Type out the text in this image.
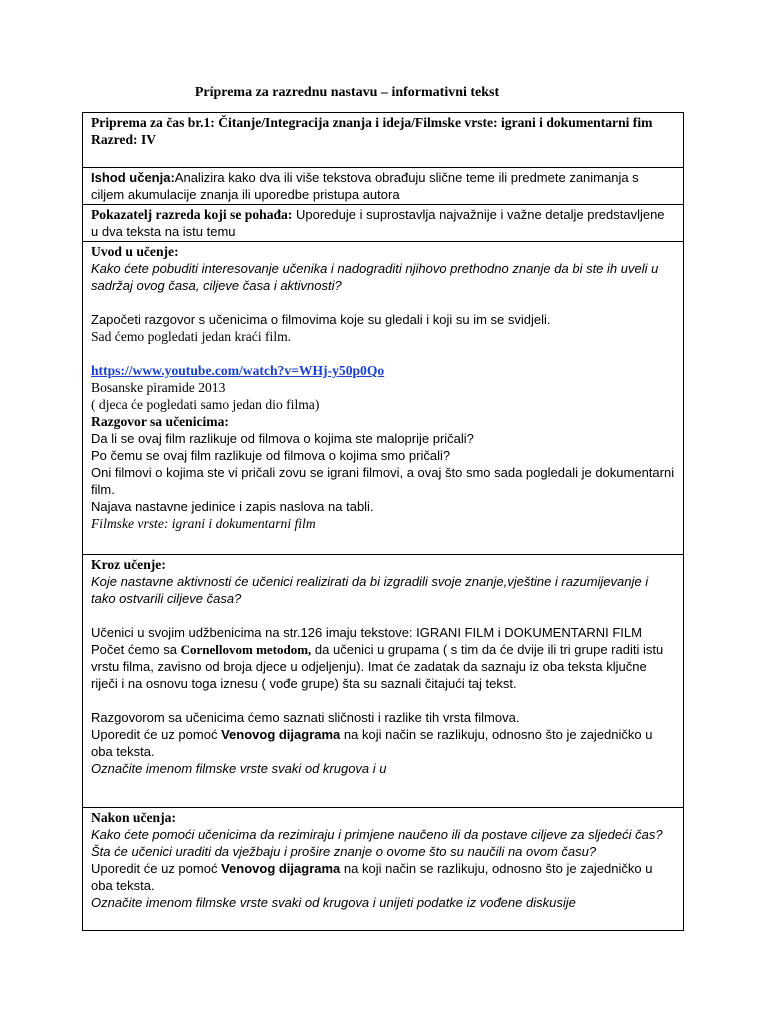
Príprema za razrednu nastavu – informativni tekst
Priprema za čas br.1: Čitanje/Integracija znanja i ideja/Filmske vrste: igrani i dokumentarni fim
Razred: IV

Ishod učenja:Analizira kako dva ili više tekstova obrađuju slične teme ili predmete zanimanja s ciljem akumulacije znanja ili uporedbe pristupa autora
Pokazatelj razreda koji se pohađa: Uporeduje i suprostavlja najvažnije i važne detalje predstavljene u dva teksta na istu temu

Uvod u učenje:
Kako ćete pobuditi interesovanje učenika i nadograditi njihovo prethodno znanje da bi ste ih uveli u sadržaj ovog časa, ciljeve časa i aktivnosti?
Započeti razgovor s učenicima o filmovima koje su gledali i koji su im se svidjeli.
Sad ćemo pogledati jedan kraći film.
https://www.youtube.com/watch?v=WHj-y50p0Qo
Bosanske piramide 2013
( djeca će pogledati samo jedan dio filma)
Razgovor sa učenicima:
Da li se ovaj film razlikuje od filmova o kojima ste maloprije pričali?
Po čemu se ovaj film razlikuje od filmova o kojima smo pričali?
Oni filmovi o kojima ste vi pričali zovu se igrani filmovi, a ovaj što smo sada pogledali je dokumentarni film.
Najava nastavne jedinice i zapis naslova na tabli.
Filmske vrste: igrani i dokumentarni film

Kroz učenje:
Koje nastavne aktivnosti će učenici realizirati da bi izgradili svoje znanje,vještine i razumijevanje i tako ostvarili ciljeve časa?
Učenici u svojim udžbenicima na str.126 imaju tekstove: IGRANI FILM i DOKUMENTARNI FILM
Počet ćemo sa Cornellovom metodom, da učenici u grupama ( s tim da će dvije ili tri grupe raditi istu vrstu filma, zavisno od broja djece u odjeljenju). Imat će zadatak da saznaju iz oba teksta ključne riječi i na osnovu toga iznesu ( vođe grupe) šta su saznali čitajući taj tekst.
Razgovorom sa učenicima ćemo saznati sličnosti i razlike tih vrsta filmova.
Uporedit će uz pomoć Venovog dijagrama na koji način se razlikuju, odnosno što je zajedničko u oba teksta.
Označite imenom filmske vrste svaki od krugova i u

Nakon učenja:
Kako ćete pomoći učenicima da rezimiraju i primjene naučeno ili da postave ciljeve za sljedeći čas?
Šta će učenici uraditi da vježbaju i prošire znanje o ovome što su naučili na ovom času?
Uporedit će uz pomoć Venovog dijagrama na koji način se razlikuju, odnosno što je zajedničko u oba teksta.
Označite imenom filmske vrste svaki od krugova i unijeti podatke iz vođene diskusije
